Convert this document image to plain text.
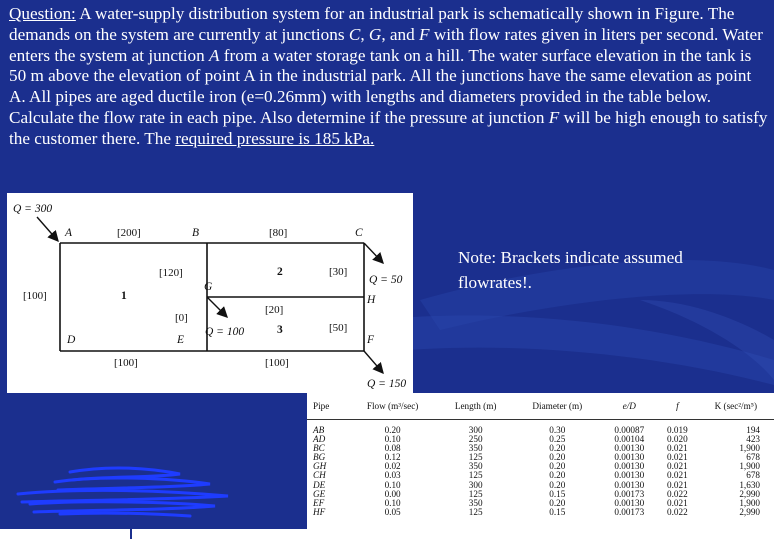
Question: A water-supply distribution system for an industrial park is schematically shown in Figure. The demands on the system are currently at junctions C, G, and F with flow rates given in liters per second. Water enters the system at junction A from a water storage tank on a hill. The water surface elevation in the tank is 50 m above the elevation of point A in the industrial park. All the junctions have the same elevation as point A. All pipes are aged ductile iron (e=0.26mm) with lengths and diameters provided in the table below. Calculate the flow rate in each pipe. Also determine if the pressure at junction F will be high enough to satisfy the customer there. The required pressure is 185 kPa.
A	B	C
D	E	F
G
H
Q = 300
Q = 50
Q = 100
Q = 150
[200]	[80]
[120]
[100]
[0]
[20]
[30]
[50]
[100]	[100]
1
2
3
Note: Brackets indicate assumed
flowrates!.
Pipe	Flow (m³/sec)	Length (m)	Diameter (m)	e/D	f	K (sec²/m⁵)
AB	0.20	300	0.30	0.00087	0.019	194
AD	0.10	250	0.25	0.00104	0.020	423
BC	0.08	350	0.20	0.00130	0.021	1,900
BG	0.12	125	0.20	0.00130	0.021	678
GH	0.02	350	0.20	0.00130	0.021	1,900
CH	0.03	125	0.20	0.00130	0.021	678
DE	0.10	300	0.20	0.00130	0.021	1,630
GE	0.00	125	0.15	0.00173	0.022	2,990
EF	0.10	350	0.20	0.00130	0.021	1,900
HF	0.05	125	0.15	0.00173	0.022	2,990
